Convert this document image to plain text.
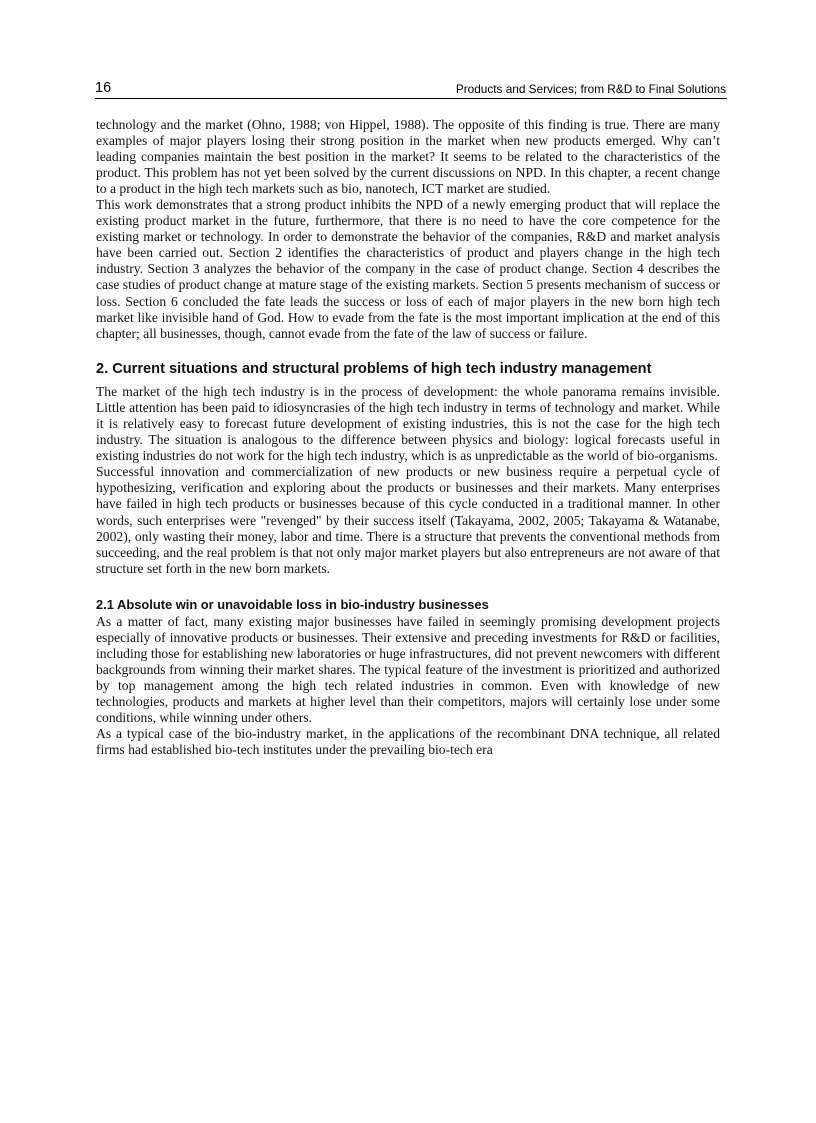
16	Products and Services; from R&D to Final Solutions

technology and the market (Ohno, 1988; von Hippel, 1988). The opposite of this finding is true. There are many examples of major players losing their strong position in the market when new products emerged. Why can’t leading companies maintain the best position in the market? It seems to be related to the characteristics of the product. This problem has not yet been solved by the current discussions on NPD. In this chapter, a recent change to a product in the high tech markets such as bio, nanotech, ICT market are studied.

This work demonstrates that a strong product inhibits the NPD of a newly emerging product that will replace the existing product market in the future, furthermore, that there is no need to have the core competence for the existing market or technology. In order to demonstrate the behavior of the companies, R&D and market analysis have been carried out. Section 2 identifies the characteristics of product and players change in the high tech industry. Section 3 analyzes the behavior of the company in the case of product change. Section 4 describes the case studies of product change at mature stage of the existing markets. Section 5 presents mechanism of success or loss. Section 6 concluded the fate leads the success or loss of each of major players in the new born high tech market like invisible hand of God. How to evade from the fate is the most important implication at the end of this chapter; all businesses, though, cannot evade from the fate of the law of success or failure.

2. Current situations and structural problems of high tech industry management

The market of the high tech industry is in the process of development: the whole panorama remains invisible. Little attention has been paid to idiosyncrasies of the high tech industry in terms of technology and market. While it is relatively easy to forecast future development of existing industries, this is not the case for the high tech industry. The situation is analogous to the difference between physics and biology: logical forecasts useful in existing industries do not work for the high tech industry, which is as unpredictable as the world of bio-organisms.

Successful innovation and commercialization of new products or new business require a perpetual cycle of hypothesizing, verification and exploring about the products or businesses and their markets. Many enterprises have failed in high tech products or businesses because of this cycle conducted in a traditional manner. In other words, such enterprises were "revenged" by their success itself (Takayama, 2002, 2005; Takayama & Watanabe, 2002), only wasting their money, labor and time. There is a structure that prevents the conventional methods from succeeding, and the real problem is that not only major market players but also entrepreneurs are not aware of that structure set forth in the new born markets.

2.1 Absolute win or unavoidable loss in bio-industry businesses

As a matter of fact, many existing major businesses have failed in seemingly promising development projects especially of innovative products or businesses. Their extensive and preceding investments for R&D or facilities, including those for establishing new laboratories or huge infrastructures, did not prevent newcomers with different backgrounds from winning their market shares. The typical feature of the investment is prioritized and authorized by top management among the high tech related industries in common. Even with knowledge of new technologies, products and markets at higher level than their competitors, majors will certainly lose under some conditions, while winning under others.

As a typical case of the bio-industry market, in the applications of the recombinant DNA technique, all related firms had established bio-tech institutes under the prevailing bio-tech era
